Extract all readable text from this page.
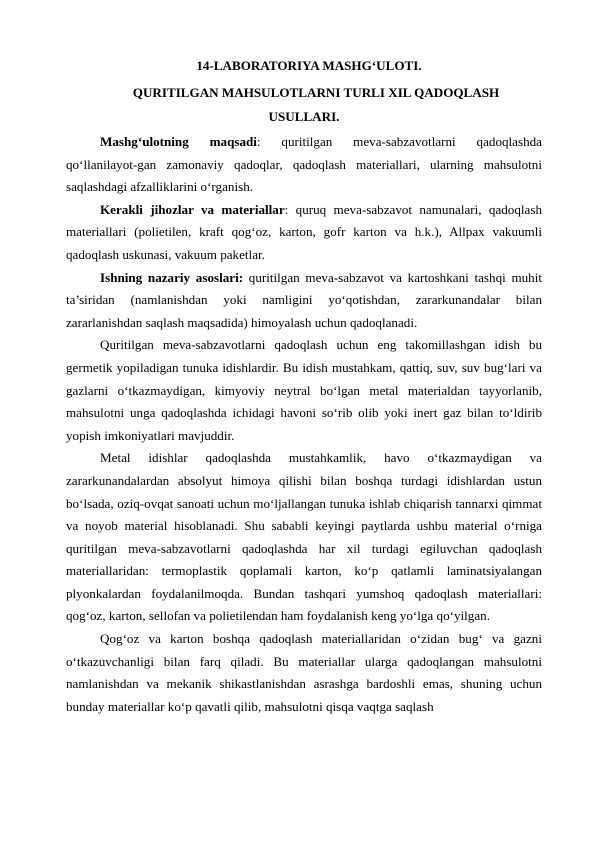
14-LABORATORIYA MASHG‘ULOTI.
QURITILGAN MAHSULOTLARNI TURLI XIL QADOQLASH
USULLARI.

Mashg‘ulotning maqsadi: quritilgan meva-sabzavotlarni qadoqlashda qo‘llanilayot-gan zamonaviy qadoqlar, qadoqlash materiallari, ularning mahsulotni saqlashdagi afzalliklarini o‘rganish.

Kerakli jihozlar va materiallar: quruq meva-sabzavot namunalari, qadoqlash materiallari (polietilen, kraft qog‘oz, karton, gofr karton va h.k.), Allpax vakuumli qadoqlash uskunasi, vakuum paketlar.

Ishning nazariy asoslari: quritilgan meva-sabzavot va kartoshkani tashqi muhit ta’siridan (namlanishdan yoki namligini yo‘qotishdan, zararkunandalar bilan zararlanishdan saqlash maqsadida) himoyalash uchun qadoqlanadi.

Quritilgan meva-sabzavotlarni qadoqlash uchun eng takomillashgan idish bu germetik yopiladigan tunuka idishlardir. Bu idish mustahkam, qattiq, suv, suv bug‘lari va gazlarni o‘tkazmaydigan, kimyoviy neytral bo‘lgan metal materialdan tayyorlanib, mahsulotni unga qadoqlashda ichidagi havoni so‘rib olib yoki inert gaz bilan to‘ldirib yopish imkoniyatlari mavjuddir.

Metal idishlar qadoqlashda mustahkamlik, havo o‘tkazmaydigan va zararkunandalardan absolyut himoya qilishi bilan boshqa turdagi idishlardan ustun bo‘lsada, oziq-ovqat sanoati uchun mo‘ljallangan tunuka ishlab chiqarish tannarxi qimmat va noyob material hisoblanadi. Shu sababli keyingi paytlarda ushbu material o‘rniga quritilgan meva-sabzavotlarni qadoqlashda har xil turdagi egiluvchan qadoqlash materiallaridan: termoplastik qoplamali karton, ko‘p qatlamli laminatsiyalangan plyonkalardan foydalanilmoqda. Bundan tashqari yumshoq qadoqlash materiallari: qog‘oz, karton, sellofan va polietilendan ham foydalanish keng yo‘lga qo‘yilgan.

Qog‘oz va karton boshqa qadoqlash materiallaridan o‘zidan bug‘ va gazni o‘tkazuvchanligi bilan farq qiladi. Bu materiallar ularga qadoqlangan mahsulotni namlanishdan va mekanik shikastlanishdan asrashga bardoshli emas, shuning uchun bunday materiallar ko‘p qavatli qilib, mahsulotni qisqa vaqtga saqlash
